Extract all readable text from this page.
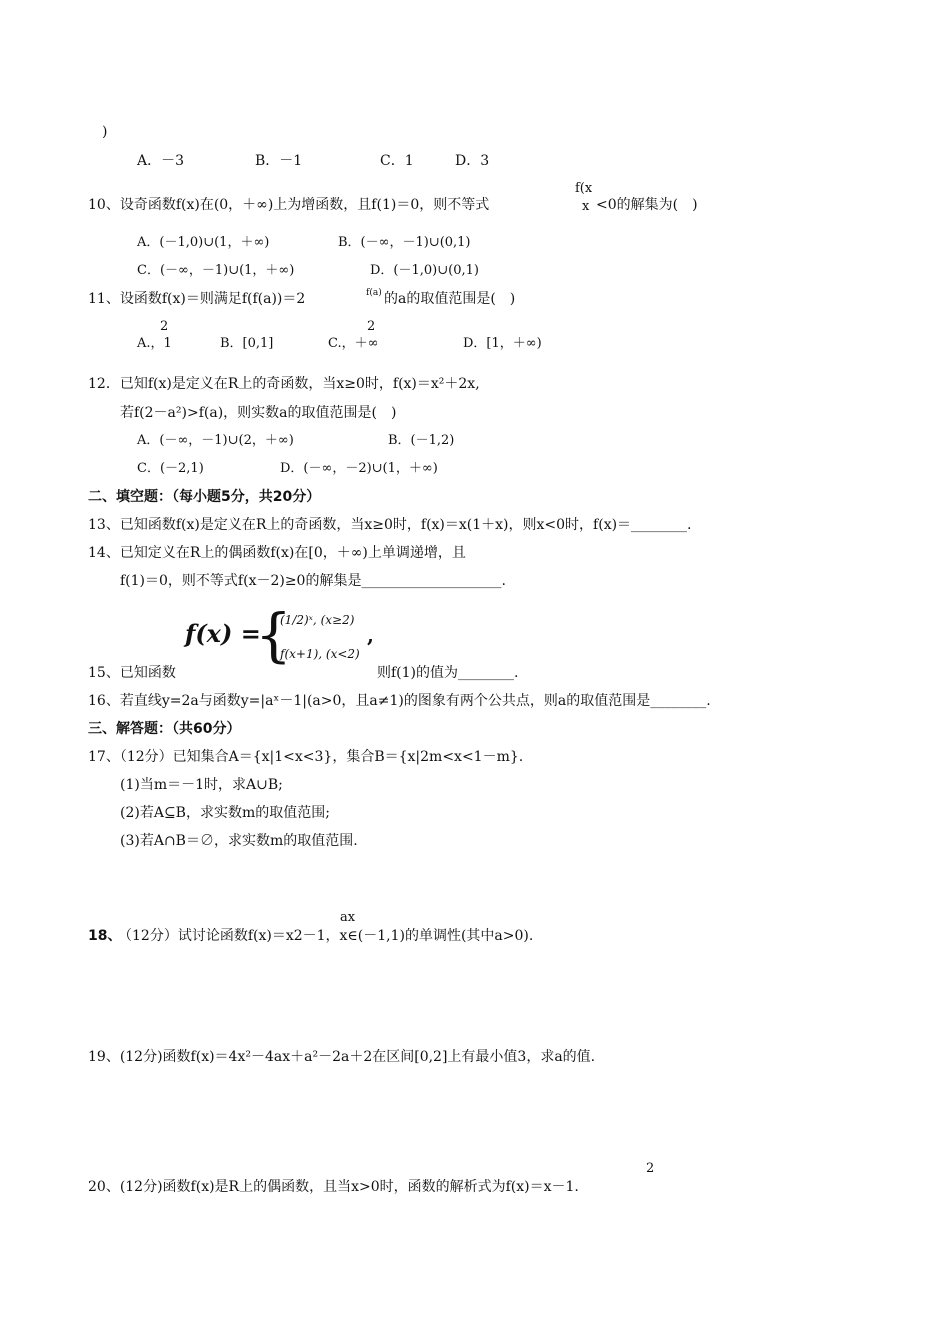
)
A．－3	B．－1	C．1	D．3
f(x
10、设奇函数f(x)在(0，＋∞)上为增函数，且f(1)＝0，则不等式	x <0的解集为(　)
A．(－1,0)∪(1，＋∞)	B．(－∞，－1)∪(0,1)
C．(－∞，－1)∪(1，＋∞)	D．(－1,0)∪(0,1)
11、设函数f(x)＝则满足f(f(a))＝2	f(a) 的a的取值范围是(　)
2	2
A.，1	B．[0,1]	C.，＋∞	D．[1，＋∞)
12．已知f(x)是定义在R上的奇函数，当x≥0时，f(x)＝x²＋2x,
若f(2－a²)>f(a)，则实数a的取值范围是(　)
A．(－∞，－1)∪(2，＋∞)	B．(－1,2)
C．(－2,1)	D．(－∞，－2)∪(1，＋∞)
二、填空题：（每小题5分，共20分）
13、已知函数f(x)是定义在R上的奇函数，当x≥0时，f(x)＝x(1＋x)，则x<0时，f(x)＝________.
14、已知定义在R上的偶函数f(x)在[0，＋∞)上单调递增，且
f(1)＝0，则不等式f(x－2)≥0的解集是____________________.
f(x) =
{
(1/2)ˣ, (x≥2)
f(x+1), (x<2)
,
15、已知函数	则f(1)的值为________.
16、若直线y=2a与函数y=|aˣ－1|(a>0，且a≠1)的图象有两个公共点，则a的取值范围是________.
三、解答题：（共60分）
17、（12分）已知集合A＝{x|1<x<3}，集合B＝{x|2m<x<1－m}.
(1)当m＝－1时，求A∪B;
(2)若A⊆B，求实数m的取值范围;
(3)若A∩B＝∅，求实数m的取值范围.
ax
18、
（12分）试讨论函数f(x)＝x2－1，x∈(－1,1)的单调性(其中a>0).
19、(12分)函数f(x)＝4x²－4ax＋a²－2a＋2在区间[0,2]上有最小值3，求a的值.
2
20、(12分)函数f(x)是R上的偶函数，且当x>0时，函数的解析式为f(x)＝x－1.
